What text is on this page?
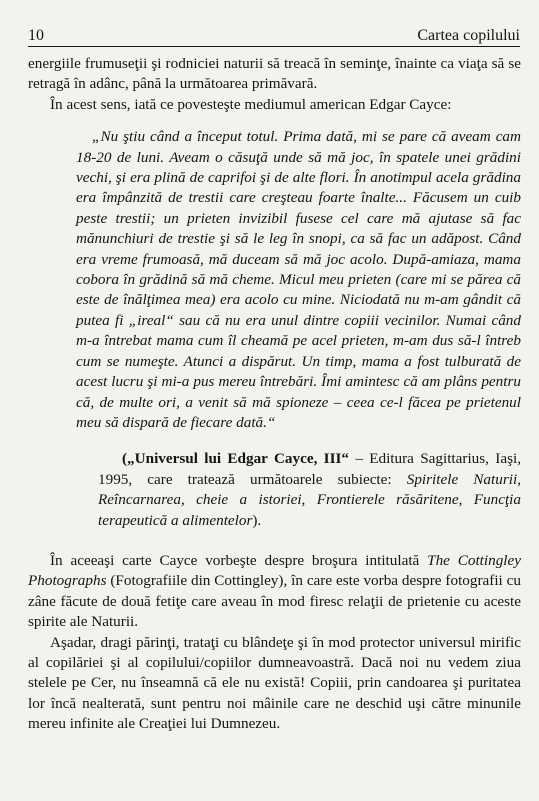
10	Cartea copilului

energiile frumuseţii şi rodniciei naturii să treacă în seminţe, înainte ca viaţa să se retragă în adânc, până la următoarea primăvară.

În acest sens, iată ce povesteşte mediumul american Edgar Cayce:

„Nu ştiu când a început totul. Prima dată, mi se pare că aveam cam 18-20 de luni. Aveam o căsuţă unde să mă joc, în spatele unei grădini vechi, şi era plină de caprifoi şi de alte flori. În anotimpul acela grădina era împânzită de trestii care creşteau foarte înalte... Făcusem un cuib peste trestii; un prieten invizibil fusese cel care mă ajutase să fac mănunchiuri de trestie şi să le leg în snopi, ca să fac un adăpost. Când era vreme frumoasă, mă duceam să mă joc acolo. După-amiaza, mama cobora în grădină să mă cheme. Micul meu prieten (care mi se părea că este de înălţimea mea) era acolo cu mine. Niciodată nu m-am gândit că putea fi „ireal“ sau că nu era unul dintre copiii vecinilor. Numai când m-a întrebat mama cum îl cheamă pe acel prieten, m-am dus să-l întreb cum se numeşte. Atunci a dispărut. Un timp, mama a fost tulburată de acest lucru şi mi-a pus mereu întrebări. Îmi amintesc că am plâns pentru că, de multe ori, a venit să mă spioneze – ceea ce-l făcea pe prietenul meu să dispară de fiecare dată.“

(„Universul lui Edgar Cayce, III“ – Editura Sagittarius, Iaşi, 1995, care tratează următoarele subiecte: Spiritele Naturii, Reîncarnarea, cheie a istoriei, Frontierele răsăritene, Funcţia terapeutică a alimentelor).

În aceeaşi carte Cayce vorbeşte despre broşura intitulată The Cottingley Photographs (Fotografiile din Cottingley), în care este vorba despre fotografii cu zâne făcute de două fetiţe care aveau în mod firesc relaţii de prietenie cu aceste spirite ale Naturii.

Aşadar, dragi părinţi, trataţi cu blândeţe şi în mod protector universul mirific al copilăriei şi al copilului/copiilor dumneavoastră. Dacă noi nu vedem ziua stelele pe Cer, nu înseamnă că ele nu există! Copiii, prin candoarea şi puritatea lor încă nealterată, sunt pentru noi mâinile care ne deschid uşi către minunile mereu infinite ale Creaţiei lui Dumnezeu.
